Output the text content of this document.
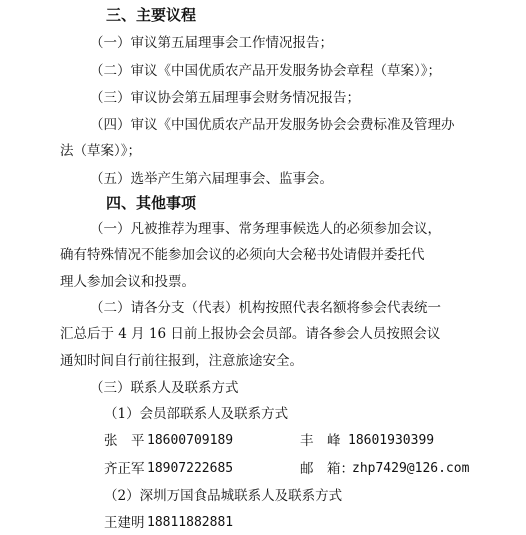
三、主要议程
（一）审议第五届理事会工作情况报告；
（二）审议《中国优质农产品开发服务协会章程（草案）》；
（三）审议协会第五届理事会财务情况报告；
（四）审议《中国优质农产品开发服务协会会费标准及管理办
法（草案）》；
（五）选举产生第六届理事会、监事会。
四、其他事项
（一）凡被推荐为理事、常务理事候选人的必须参加会议，
确有特殊情况不能参加会议的必须向大会秘书处请假并委托代
理人参加会议和投票。
（二）请各分支（代表）机构按照代表名额将参会代表统一
汇总后于 4 月 16 日前上报协会会员部。请各参会人员按照会议
通知时间自行前往报到，注意旅途安全。
（三）联系人及联系方式
（1）会员部联系人及联系方式
张　平 18600709189	丰　峰 18601930399
齐正军 18907222685	邮　箱：
zhp7429@126.com
（2）深圳万国食品城联系人及联系方式
王建明 18811882881
